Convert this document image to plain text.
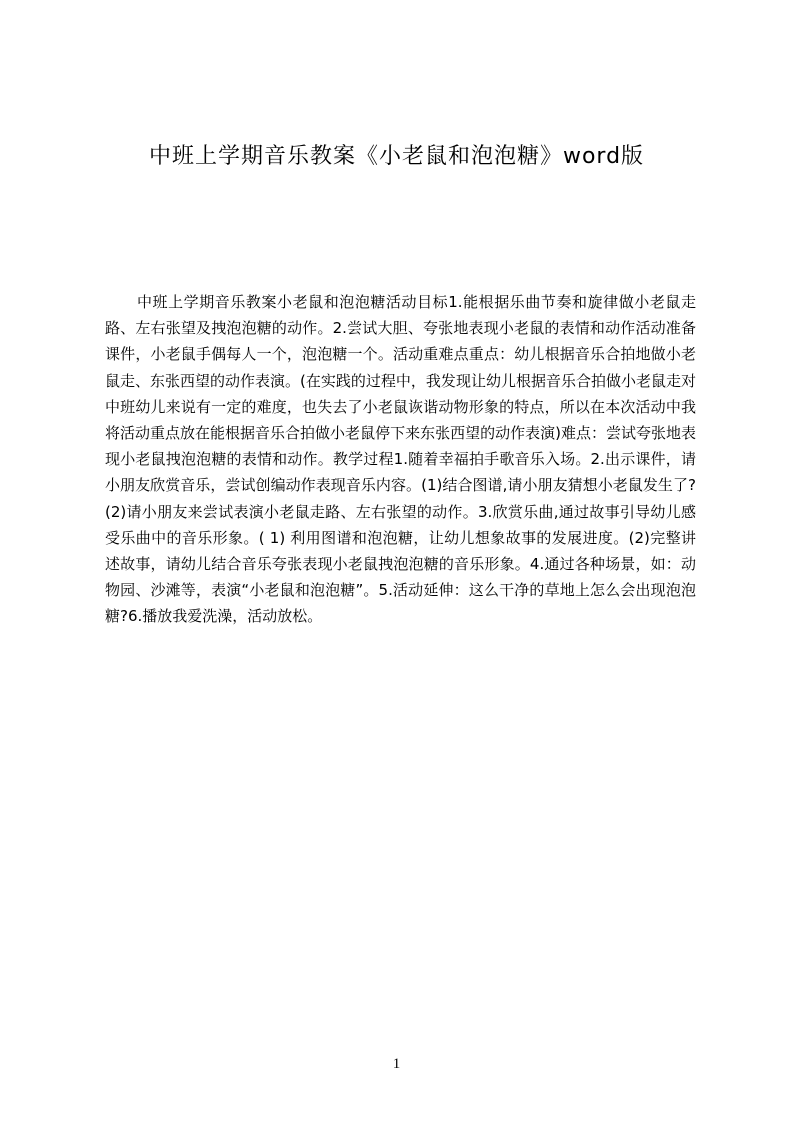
中班上学期音乐教案《小老鼠和泡泡糖》word版

中班上学期音乐教案小老鼠和泡泡糖活动目标1.能根据乐曲节奏和旋律做小老鼠走路、左右张望及拽泡泡糖的动作。2.尝试大胆、夸张地表现小老鼠的表情和动作活动准备课件，小老鼠手偶每人一个，泡泡糖一个。活动重难点重点：幼儿根据音乐合拍地做小老鼠走、东张西望的动作表演。(在实践的过程中，我发现让幼儿根据音乐合拍做小老鼠走对中班幼儿来说有一定的难度，也失去了小老鼠诙谐动物形象的特点，所以在本次活动中我将活动重点放在能根据音乐合拍做小老鼠停下来东张西望的动作表演)难点：尝试夸张地表现小老鼠拽泡泡糖的表情和动作。教学过程1.随着幸福拍手歌音乐入场。2.出示课件，请小朋友欣赏音乐，尝试创编动作表现音乐内容。(1)结合图谱,请小朋友猜想小老鼠发生了? (2)请小朋友来尝试表演小老鼠走路、左右张望的动作。3.欣赏乐曲,通过故事引导幼儿感受乐曲中的音乐形象。( 1) 利用图谱和泡泡糖，让幼儿想象故事的发展进度。(2)完整讲述故事，请幼儿结合音乐夸张表现小老鼠拽泡泡糖的音乐形象。4.通过各种场景，如：动物园、沙滩等，表演“小老鼠和泡泡糖”。5.活动延伸：这么干净的草地上怎么会出现泡泡糖?6.播放我爱洗澡，活动放松。

1
